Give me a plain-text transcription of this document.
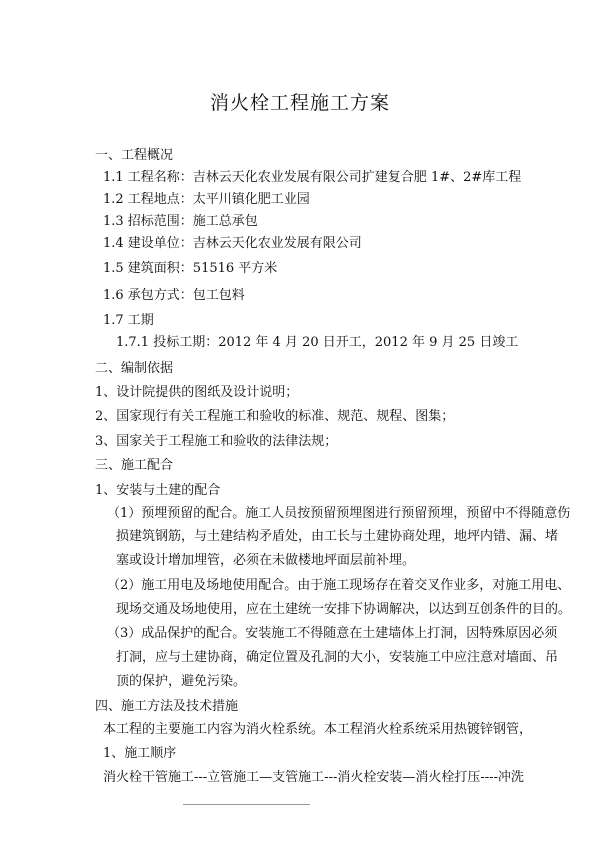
消火栓工程施工方案
一、工程概况
1.1 工程名称：吉林云天化农业发展有限公司扩建复合肥 1#、2#库工程
1.2 工程地点：太平川镇化肥工业园
1.3 招标范围：施工总承包
1.4 建设单位：吉林云天化农业发展有限公司
1.5 建筑面积：51516 平方米
1.6 承包方式：包工包料
1.7 工期
1.7.1 投标工期：2012 年 4 月 20 日开工，2012 年 9 月 25 日竣工
二、编制依据
1、设计院提供的图纸及设计说明；
2、国家现行有关工程施工和验收的标准、规范、规程、图集；
3、国家关于工程施工和验收的法律法规；
三、施工配合
1、安装与土建的配合
（1）预埋预留的配合。施工人员按预留预埋图进行预留预埋，预留中不得随意伤
损建筑钢筋，与土建结构矛盾处，由工长与土建协商处理，地坪内错、漏、堵
塞或设计增加埋管，必须在未做楼地坪面层前补埋。
（2）施工用电及场地使用配合。由于施工现场存在着交叉作业多，对施工用电、
现场交通及场地使用，应在土建统一安排下协调解决，以达到互创条件的目的。
（3）成品保护的配合。安装施工不得随意在土建墙体上打洞，因特殊原因必须
打洞，应与土建协商，确定位置及孔洞的大小，安装施工中应注意对墙面、吊
顶的保护，避免污染。
四、施工方法及技术措施
本工程的主要施工内容为消火栓系统。本工程消火栓系统采用热镀锌钢管，
1、施工顺序
消火栓干管施工---立管施工—支管施工---消火栓安装—消火栓打压----冲洗
